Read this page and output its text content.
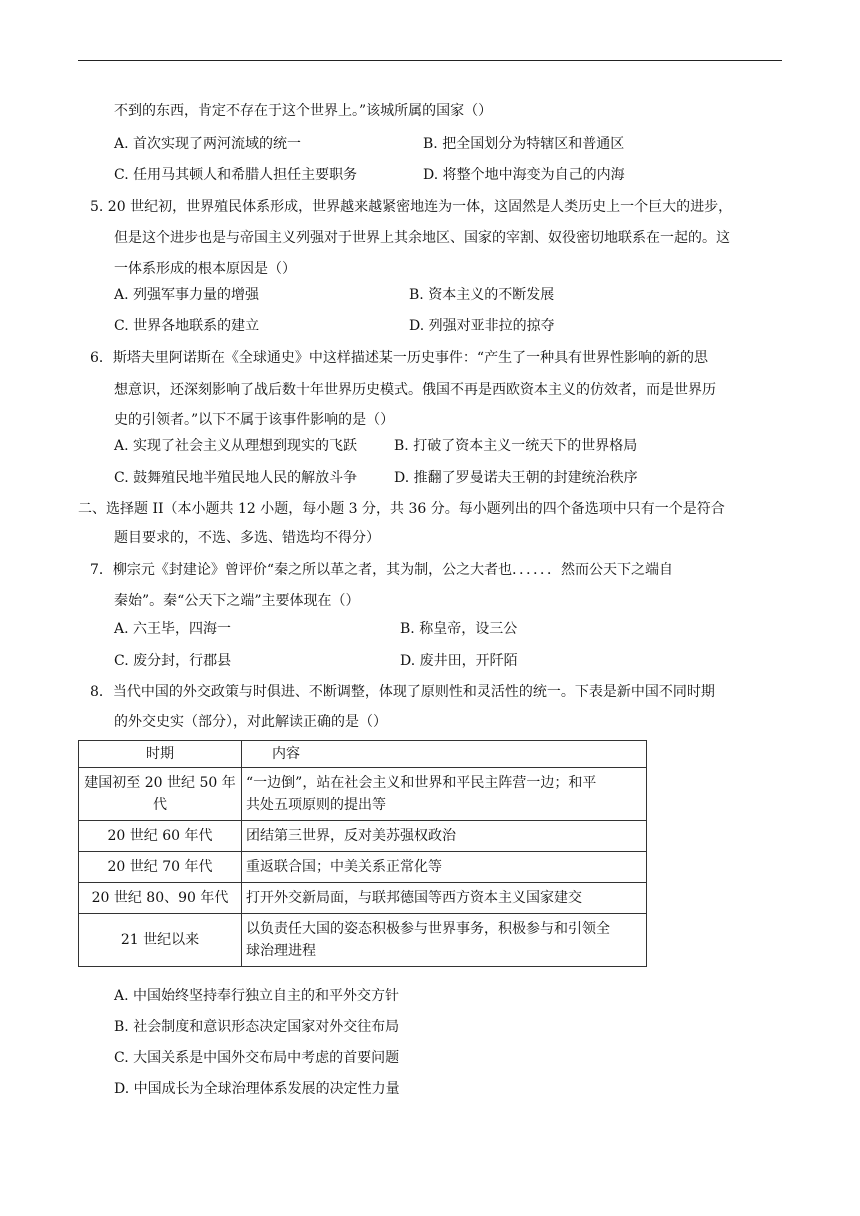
不到的东西，肯定不存在于这个世界上。”该城所属的国家（）
A. 首次实现了两河流域的统一	B. 把全国划分为特辖区和普通区
C. 任用马其顿人和希腊人担任主要职务	D. 将整个地中海变为自己的内海
5. 20 世纪初，世界殖民体系形成，世界越来越紧密地连为一体，这固然是人类历史上一个巨大的进步，
但是这个进步也是与帝国主义列强对于世界上其余地区、国家的宰割、奴役密切地联系在一起的。这
一体系形成的根本原因是（）
A. 列强军事力量的增强	B. 资本主义的不断发展
C. 世界各地联系的建立	D. 列强对亚非拉的掠夺
6．斯塔夫里阿诺斯在《全球通史》中这样描述某一历史事件：“产生了一种具有世界性影响的新的思
想意识，还深刻影响了战后数十年世界历史模式。俄国不再是西欧资本主义的仿效者，而是世界历
史的引领者。”以下不属于该事件影响的是（）
A. 实现了社会主义从理想到现实的飞跃	B. 打破了资本主义一统天下的世界格局
C. 鼓舞殖民地半殖民地人民的解放斗争	D. 推翻了罗曼诺夫王朝的封建统治秩序
二、选择题 II（本小题共 12 小题，每小题 3 分，共 36 分。每小题列出的四个备选项中只有一个是符合
题目要求的，不选、多选、错选均不得分）
7．柳宗元《封建论》曾评价“秦之所以革之者，其为制，公之大者也．．．．．．然而公天下之端自
秦始”。秦“公天下之端”主要体现在（）
A. 六王毕，四海一	B. 称皇帝，设三公
C. 废分封，行郡县	D. 废井田，开阡陌
8．当代中国的外交政策与时俱进、不断调整，体现了原则性和灵活性的统一。下表是新中国不同时期
的外交史实（部分），对此解读正确的是（）
时期	内容
建国初至 20 世纪 50 年代	“一边倒”，站在社会主义和世界和平民主阵营一边；和平
共处五项原则的提出等

20 世纪 60 年代	团结第三世界，反对美苏强权政治

20 世纪 70 年代	重返联合国；中美关系正常化等

20 世纪 80、90 年代	打开外交新局面，与联邦德国等西方资本主义国家建交

21 世纪以来	以负责任大国的姿态积极参与世界事务，积极参与和引领全
球治理进程
A. 中国始终坚持奉行独立自主的和平外交方针
B. 社会制度和意识形态决定国家对外交往布局
C. 大国关系是中国外交布局中考虑的首要问题
D. 中国成长为全球治理体系发展的决定性力量
